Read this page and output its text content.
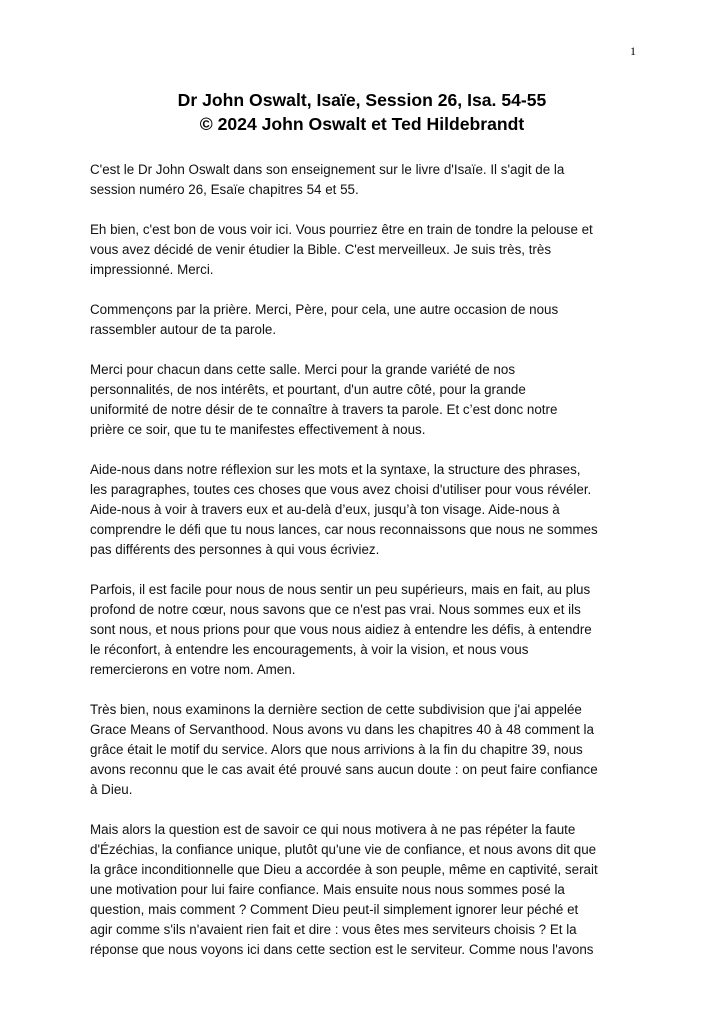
1
Dr John Oswalt, Isaïe, Session 26, Isa. 54-55
© 2024 John Oswalt et Ted Hildebrandt

C'est le Dr John Oswalt dans son enseignement sur le livre d'Isaïe. Il s'agit de la
session numéro 26, Esaïe chapitres 54 et 55.

Eh bien, c'est bon de vous voir ici. Vous pourriez être en train de tondre la pelouse et
vous avez décidé de venir étudier la Bible. C'est merveilleux. Je suis très, très
impressionné. Merci.

Commençons par la prière. Merci, Père, pour cela, une autre occasion de nous
rassembler autour de ta parole.

Merci pour chacun dans cette salle. Merci pour la grande variété de nos
personnalités, de nos intérêts, et pourtant, d'un autre côté, pour la grande
uniformité de notre désir de te connaître à travers ta parole. Et c’est donc notre
prière ce soir, que tu te manifestes effectivement à nous.

Aide-nous dans notre réflexion sur les mots et la syntaxe, la structure des phrases,
les paragraphes, toutes ces choses que vous avez choisi d'utiliser pour vous révéler.
Aide-nous à voir à travers eux et au-delà d’eux, jusqu’à ton visage. Aide-nous à
comprendre le défi que tu nous lances, car nous reconnaissons que nous ne sommes
pas différents des personnes à qui vous écriviez.

Parfois, il est facile pour nous de nous sentir un peu supérieurs, mais en fait, au plus
profond de notre cœur, nous savons que ce n'est pas vrai. Nous sommes eux et ils
sont nous, et nous prions pour que vous nous aidiez à entendre les défis, à entendre
le réconfort, à entendre les encouragements, à voir la vision, et nous vous
remercierons en votre nom. Amen.

Très bien, nous examinons la dernière section de cette subdivision que j'ai appelée
Grace Means of Servanthood. Nous avons vu dans les chapitres 40 à 48 comment la
grâce était le motif du service. Alors que nous arrivions à la fin du chapitre 39, nous
avons reconnu que le cas avait été prouvé sans aucun doute : on peut faire confiance
à Dieu.

Mais alors la question est de savoir ce qui nous motivera à ne pas répéter la faute
d'Ézéchias, la confiance unique, plutôt qu'une vie de confiance, et nous avons dit que
la grâce inconditionnelle que Dieu a accordée à son peuple, même en captivité, serait
une motivation pour lui faire confiance. Mais ensuite nous nous sommes posé la
question, mais comment ? Comment Dieu peut-il simplement ignorer leur péché et
agir comme s'ils n'avaient rien fait et dire : vous êtes mes serviteurs choisis ? Et la
réponse que nous voyons ici dans cette section est le serviteur. Comme nous l'avons
